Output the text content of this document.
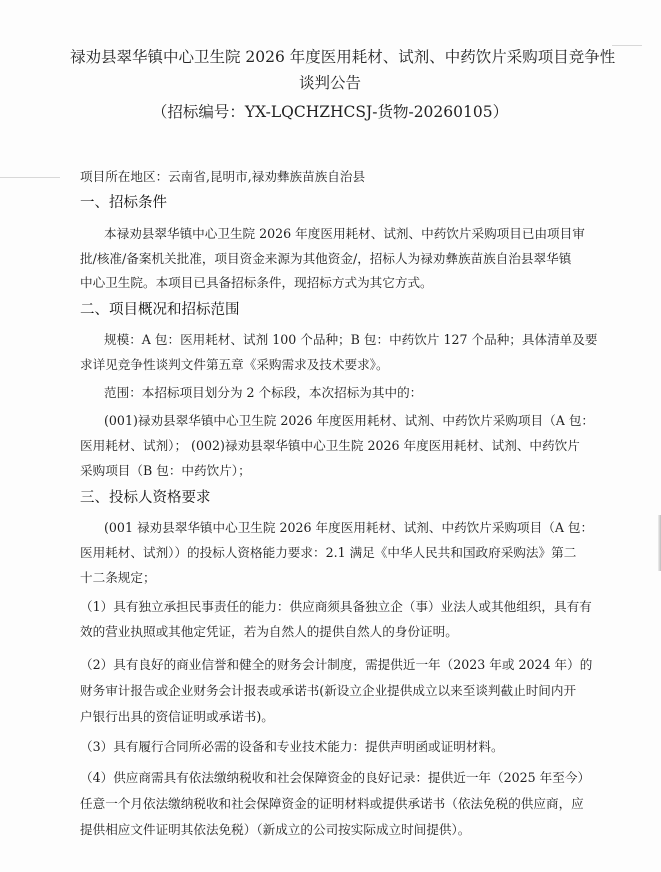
禄劝县翠华镇中心卫生院 2026 年度医用耗材、试剂、中药饮片采购项目竞争性
谈判公告
（招标编号：YX-LQCHZHCSJ-货物-20260105）
项目所在地区：云南省,昆明市,禄劝彝族苗族自治县
一、招标条件
本禄劝县翠华镇中心卫生院 2026 年度医用耗材、试剂、中药饮片采购项目已由项目审
批/核准/备案机关批准，项目资金来源为其他资金/，招标人为禄劝彝族苗族自治县翠华镇
中心卫生院。本项目已具备招标条件，现招标方式为其它方式。
二、项目概况和招标范围
规模：A 包：医用耗材、试剂 100 个品种；B 包：中药饮片 127 个品种；具体清单及要
求详见竞争性谈判文件第五章《采购需求及技术要求》。
范围：本招标项目划分为 2 个标段，本次招标为其中的：
(001)禄劝县翠华镇中心卫生院 2026 年度医用耗材、试剂、中药饮片采购项目（A 包：
医用耗材、试剂）； (002)禄劝县翠华镇中心卫生院 2026 年度医用耗材、试剂、中药饮片
采购项目（B 包：中药饮片）；
三、投标人资格要求
(001 禄劝县翠华镇中心卫生院 2026 年度医用耗材、试剂、中药饮片采购项目（A 包：
医用耗材、试剂））的投标人资格能力要求：2.1 满足《中华人民共和国政府采购法》第二
十二条规定；
（1）具有独立承担民事责任的能力：供应商须具备独立企（事）业法人或其他组织，具有有
效的营业执照或其他定凭证，若为自然人的提供自然人的身份证明。
（2）具有良好的商业信誉和健全的财务会计制度，需提供近一年（2023 年或 2024 年）的
财务审计报告或企业财务会计报表或承诺书(新设立企业提供成立以来至谈判截止时间内开
户银行出具的资信证明或承诺书)。
（3）具有履行合同所必需的设备和专业技术能力：提供声明函或证明材料。
（4）供应商需具有依法缴纳税收和社会保障资金的良好记录：提供近一年（2025 年至今）
任意一个月依法缴纳税收和社会保障资金的证明材料或提供承诺书（依法免税的供应商，应
提供相应文件证明其依法免税）（新成立的公司按实际成立时间提供）。
